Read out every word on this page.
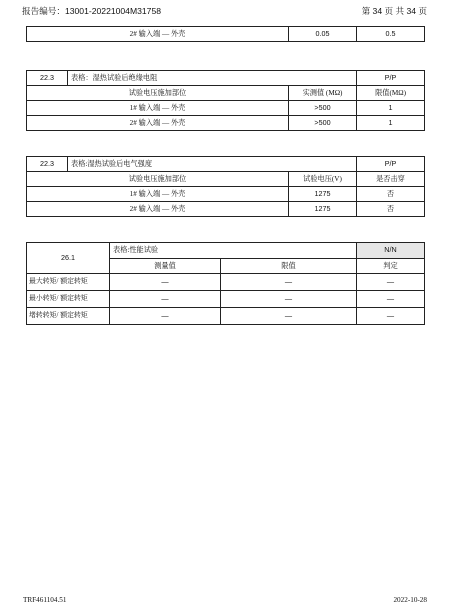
报告编号：13001-20221004M31758	第 34 页 共 34 页
2# 输入端 — 外壳	0.05	0.5
22.3	表格：湿热试验后绝缘电阻		P/P
试验电压施加部位		实测值 (MΩ)	限值(MΩ)
1# 输入端 — 外壳		>500	1
2# 输入端 — 外壳		>500	1
22.3	表格:湿热试验后电气强度		P/P
试验电压施加部位		试验电压(V)	是否击穿
1# 输入端 — 外壳		1275	否
2# 输入端 — 外壳		1275	否
26.1	表格:性能试验		N/N
	测量值	限值	判定
最大转矩/ 额定转矩	—	—	—
最小转矩/ 额定转矩	—	—	—
堵转转矩/ 额定转矩	—	—	—
TRF461104.51	2022-10-28
